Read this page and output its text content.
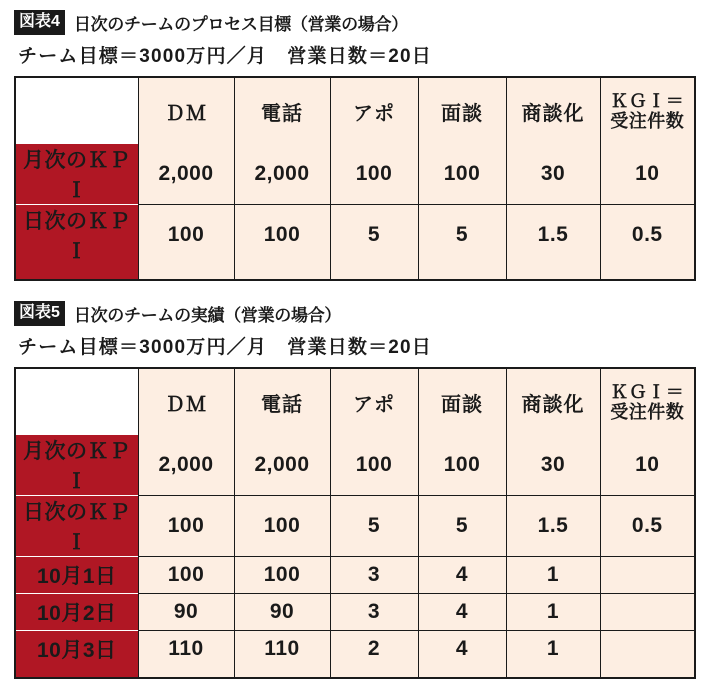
図表4 日次のチームのプロセス目標（営業の場合）
チーム目標＝3000万円／月　営業日数＝20日
	ＤＭ	電話	アポ	面談	商談化	ＫＧＩ＝
受注件数

月次のＫＰＩ	2,000	2,000	100	100	30	10
日次のＫＰＩ	100	100	5	5	1.5	0.5

図表5 日次のチームの実績（営業の場合）
チーム目標＝3000万円／月　営業日数＝20日
	ＤＭ	電話	アポ	面談	商談化	ＫＧＩ＝
受注件数

月次のＫＰＩ	2,000	2,000	100	100	30	10
日次のＫＰＩ	100	100	5	5	1.5	0.5
10月1日	100	100	3	4	1	
10月2日	90	90	3	4	1	
10月3日	110	110	2	4	1	
